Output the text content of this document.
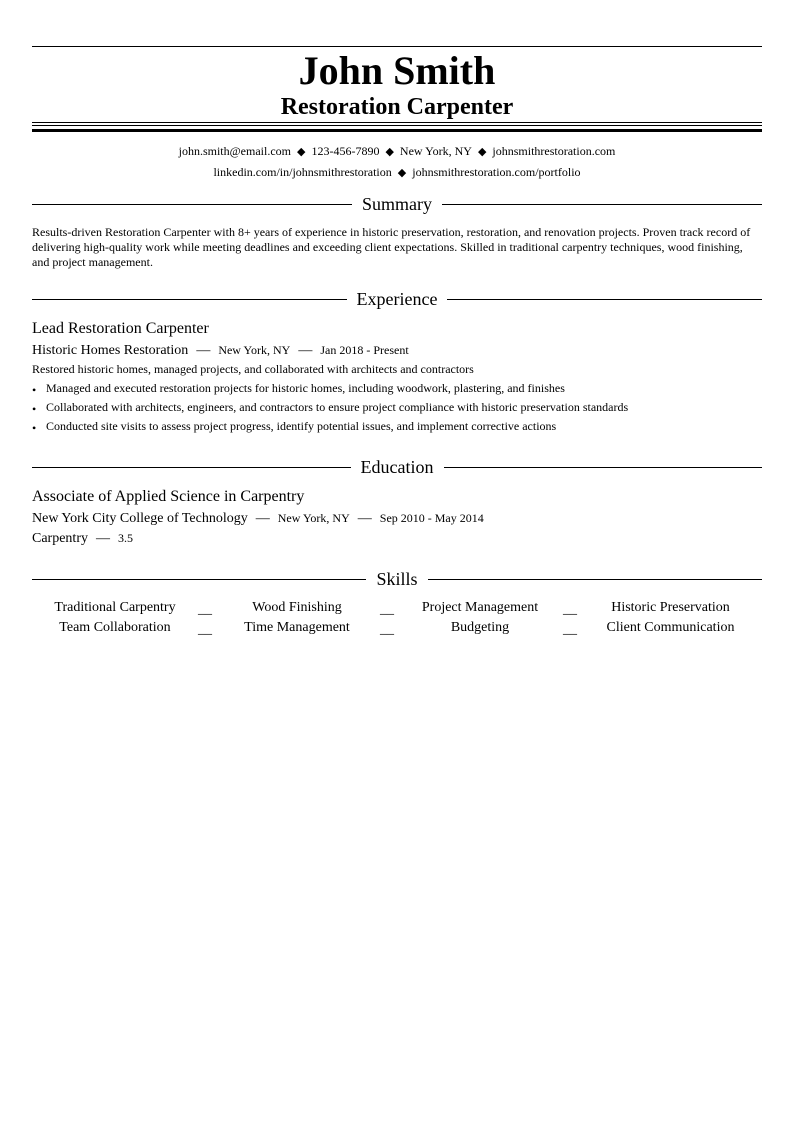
John Smith
Restoration Carpenter
john.smith@email.com ◆ 123-456-7890 ◆ New York, NY ◆ johnsmithrestoration.com
linkedin.com/in/johnsmithrestoration ◆ johnsmithrestoration.com/portfolio
Summary
Results-driven Restoration Carpenter with 8+ years of experience in historic preservation, restoration, and renovation projects. Proven track record of delivering high-quality work while meeting deadlines and exceeding client expectations. Skilled in traditional carpentry techniques, wood finishing, and project management.
Experience
Lead Restoration Carpenter
Historic Homes Restoration — New York, NY — Jan 2018 - Present
Restored historic homes, managed projects, and collaborated with architects and contractors
• Managed and executed restoration projects for historic homes, including woodwork, plastering, and finishes
• Collaborated with architects, engineers, and contractors to ensure project compliance with historic preservation standards
• Conducted site visits to assess project progress, identify potential issues, and implement corrective actions
Education
Associate of Applied Science in Carpentry
New York City College of Technology — New York, NY — Sep 2010 - May 2014
Carpentry — 3.5
Skills
Traditional Carpentry	__	Wood Finishing	__	Project Management	__	Historic Preservation
Team Collaboration	__	Time Management	__	Budgeting	__	Client Communication
